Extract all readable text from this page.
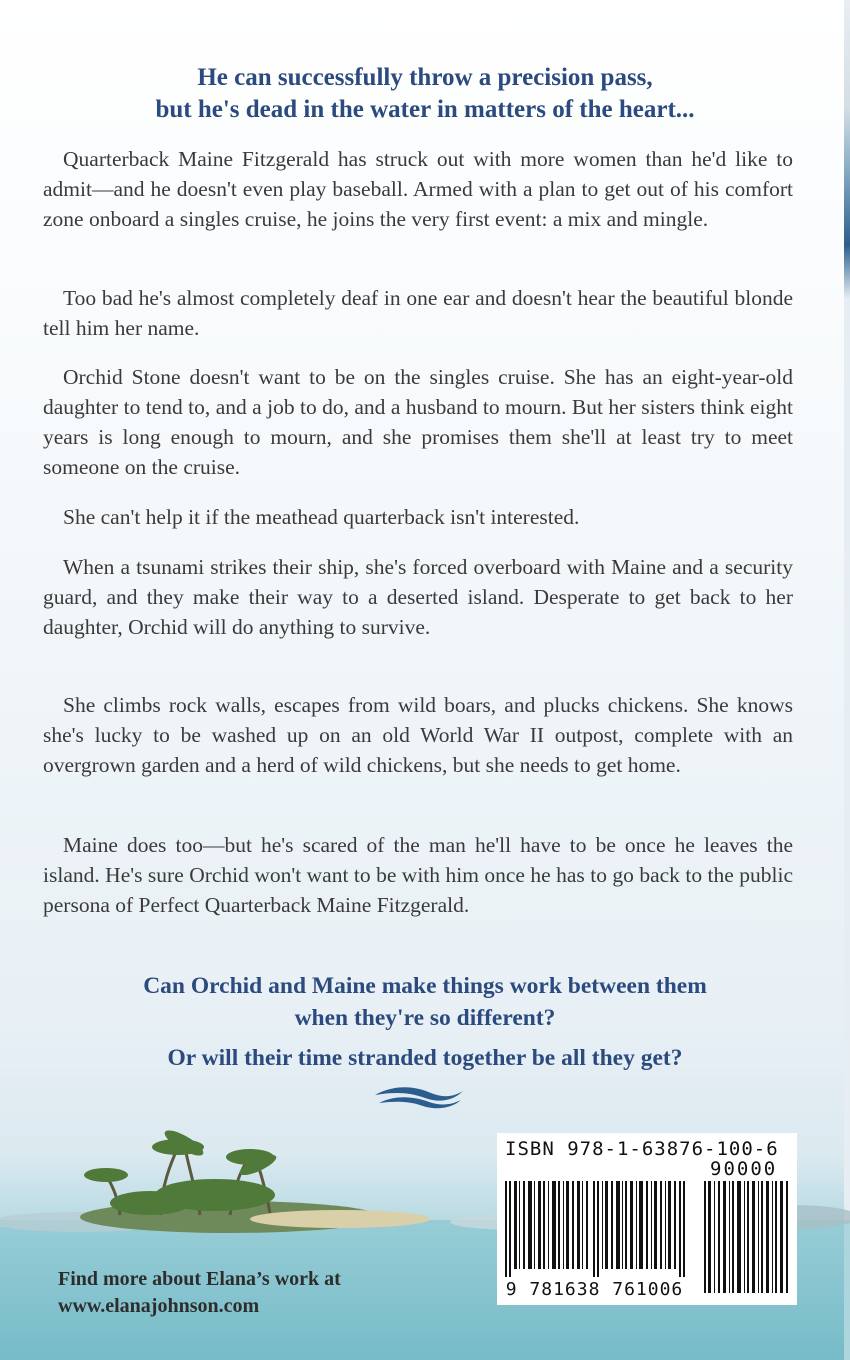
He can successfully throw a precision pass,

but he's dead in the water in matters of the heart...

Quarterback Maine Fitzgerald has struck out with more women than he'd like to admit—and he doesn't even play baseball. Armed with a plan to get out of his comfort zone onboard a singles cruise, he joins the very first event: a mix and mingle.

Too bad he's almost completely deaf in one ear and doesn't hear the beautiful blonde tell him her name.

Orchid Stone doesn't want to be on the singles cruise. She has an eight-year-old daughter to tend to, and a job to do, and a husband to mourn. But her sisters think eight years is long enough to mourn, and she promises them she'll at least try to meet someone on the cruise.

She can't help it if the meathead quarterback isn't interested.

When a tsunami strikes their ship, she's forced overboard with Maine and a security guard, and they make their way to a deserted island. Desperate to get back to her daughter, Orchid will do anything to survive.

She climbs rock walls, escapes from wild boars, and plucks chickens. She knows she's lucky to be washed up on an old World War II outpost, complete with an overgrown garden and a herd of wild chickens, but she needs to get home.

Maine does too—but he's scared of the man he'll have to be once he leaves the island. He's sure Orchid won't want to be with him once he has to go back to the public persona of Perfect Quarterback Maine Fitzgerald.

Can Orchid and Maine make things work between them

when they're so different?

Or will their time stranded together be all they get?

Find more about Elana’s work at
www.elanajohnson.com
ISBN 978-1-63876-100-6
90000
9 781638 761006
